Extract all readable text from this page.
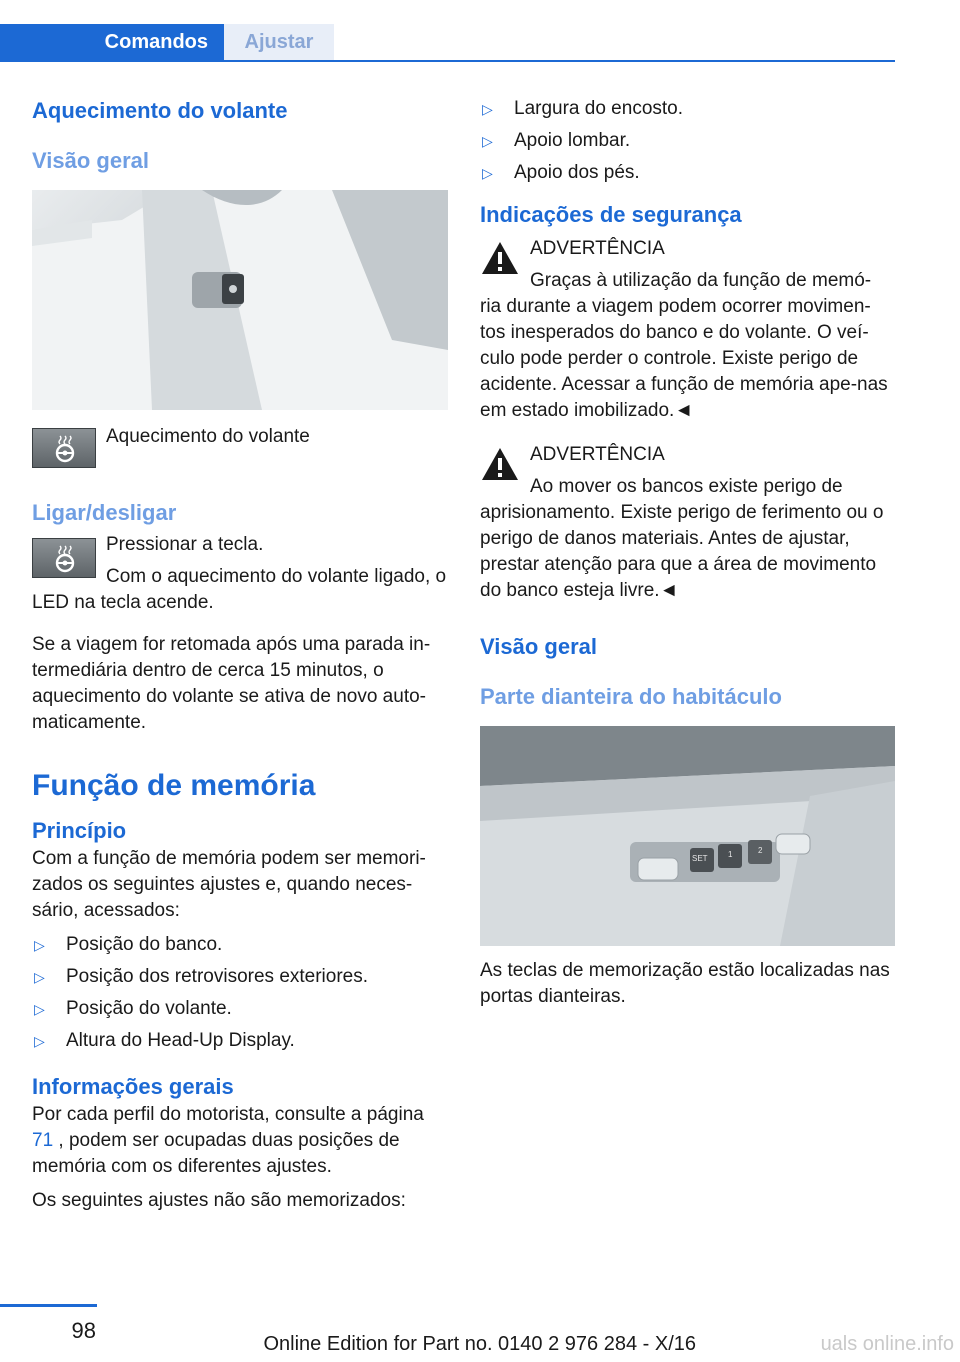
Comandos	Ajustar
Aquecimento do volante
Visão geral

Aquecimento do volante

Ligar/desligar

Pressionar a tecla.

Com o aquecimento do volante ligado, o LED na tecla acende.

Se a viagem for retomada após uma parada in-termediária dentro de cerca 15 minutos, o aquecimento do volante se ativa de novo auto-maticamente.

Função de memória
Princípio

Com a função de memória podem ser memori-zados os seguintes ajustes e, quando neces-sário, acessados:

▷ Posição do banco.
▷ Posição dos retrovisores exteriores.
▷ Posição do volante.
▷ Altura do Head-Up Display.
Informações gerais

Por cada perfil do motorista, consulte a página 71 , podem ser ocupadas duas posições de memória com os diferentes ajustes.

Os seguintes ajustes não são memorizados:

▷ Largura do encosto.
▷ Apoio lombar.
▷ Apoio dos pés.
Indicações de segurança

ADVERTÊNCIA

Graças à utilização da função de memó-

ria durante a viagem podem ocorrer movimen-tos inesperados do banco e do volante. O veí-culo pode perder o controle. Existe perigo de acidente. Acessar a função de memória ape-nas em estado imobilizado.◄

ADVERTÊNCIA

Ao mover os bancos existe perigo de

aprisionamento. Existe perigo de ferimento ou o perigo de danos materiais. Antes de ajustar, prestar atenção para que a área de movimento do banco esteja livre.◄

Visão geral
Parte dianteira do habitáculo
SET	1	2

As teclas de memorização estão localizadas nas portas dianteiras.

98
Online Edition for Part no. 0140 2 976 284 - X/16	uals online.info
